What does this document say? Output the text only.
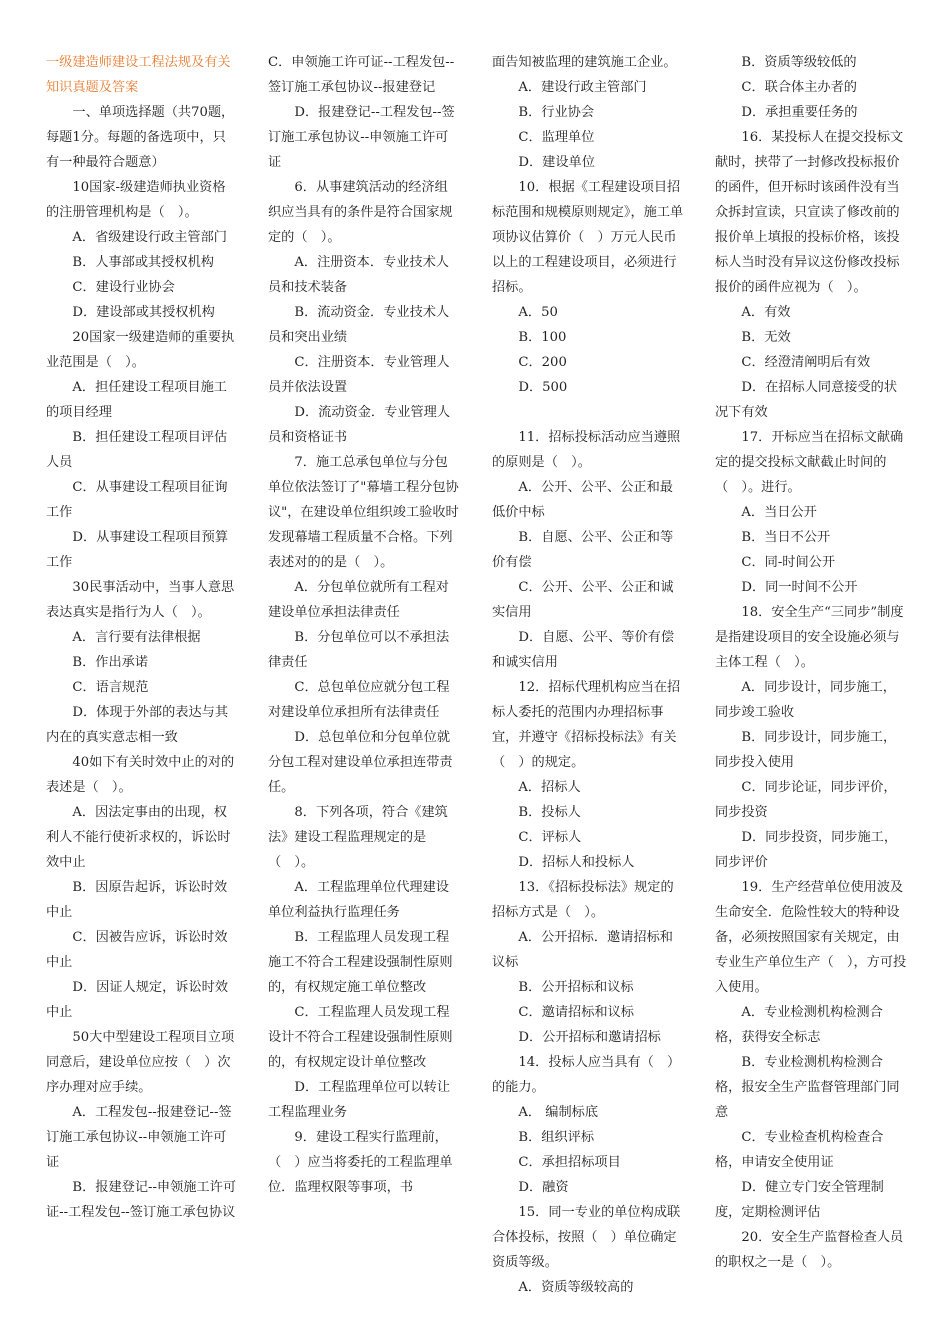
一级建造师建设工程法规及有关知识真题及答案

一、单项选择题（共70题，每题1分。每题的备选项中，只有一种最符合题意）

10国家-级建造师执业资格的注册管理机构是（　）。

A．省级建设行政主管部门

B．人事部或其授权机构

C．建设行业协会

D．建设部或其授权机构

20国家一级建造师的重要执业范围是（　）。

A．担任建设工程项目施工的项目经理

B．担任建设工程项目评估人员

C．从事建设工程项目征询工作

D．从事建设工程项目预算工作

30民事活动中，当事人意思表达真实是指行为人（　）。

A．言行要有法律根据

B．作出承诺

C．语言规范

D．体现于外部的表达与其内在的真实意志相一致

40如下有关时效中止的对的表述是（　）。

A．因法定事由的出现，权利人不能行使祈求权的，诉讼时效中止

B．因原告起诉，诉讼时效中止

C．因被告应诉，诉讼时效中止

D．因证人规定，诉讼时效中止

50大中型建设工程项目立项同意后，建设单位应按（　）次序办理对应手续。

A．工程发包--报建登记--签订施工承包协议--申领施工许可证

B．报建登记--申领施工许可证--工程发包--签订施工承包协议

C．申领施工许可证--工程发包--签订施工承包协议--报建登记

D．报建登记--工程发包--签订施工承包协议--申领施工许可证

6．从事建筑活动的经济组织应当具有的条件是符合国家规定的（　）。

A．注册资本．专业技术人员和技术装备

B．流动资金．专业技术人员和突出业绩

C．注册资本．专业管理人员并依法设置

D．流动资金．专业管理人员和资格证书

7．施工总承包单位与分包单位依法签订了"幕墙工程分包协议"，在建设单位组织竣工验收时发现幕墙工程质量不合格。下列表述对的的是（　）。

A．分包单位就所有工程对建设单位承担法律责任

B．分包单位可以不承担法律责任

C．总包单位应就分包工程对建设单位承担所有法律责任

D．总包单位和分包单位就分包工程对建设单位承担连带责任。

8．下列各项，符合《建筑法》建设工程监理规定的是（　）。

A．工程监理单位代理建设单位利益执行监理任务

B．工程监理人员发现工程施工不符合工程建设强制性原则的，有权规定施工单位整改

C．工程监理人员发现工程设计不符合工程建设强制性原则的，有权规定设计单位整改

D．工程监理单位可以转让工程监理业务

9．建设工程实行监理前，（　）应当将委托的工程监理单位．监理权限等事项，书

面告知被监理的建筑施工企业。

A．建设行政主管部门

B．行业协会

C．监理单位

D．建设单位

10．根据《工程建设项目招标范围和规模原则规定》，施工单项协议估算价（　）万元人民币以上的工程建设项目，必须进行招标。

A．50

B．100

C．200

D．500

11．招标投标活动应当遵照的原则是（　）。

A．公开、公平、公正和最低价中标

B．自愿、公平、公正和等价有偿

C．公开、公平、公正和诚实信用

D．自愿、公平、等价有偿和诚实信用

12．招标代理机构应当在招标人委托的范围内办理招标事宜，并遵守《招标投标法》有关（　）的规定。

A．招标人

B．投标人

C．评标人

D．招标人和投标人

13．《招标投标法》规定的招标方式是（　）。

A．公开招标．邀请招标和议标

B．公开招标和议标

C．邀请招标和议标

D．公开招标和邀请招标

14．投标人应当具有（　）的能力。

A． 编制标底

B．组织评标

C．承担招标项目

D．融资

15．同一专业的单位构成联合体投标，按照（　）单位确定资质等级。

A．资质等级较高的

B．资质等级较低的

C．联合体主办者的

D．承担重要任务的

16．某投标人在提交投标文献时，挟带了一封修改投标报价的函件，但开标时该函件没有当众拆封宣读，只宣读了修改前的报价单上填报的投标价格，该投标人当时没有异议这份修改投标报价的函件应视为（　）。

A．有效

B．无效

C．经澄清阐明后有效

D．在招标人同意接受的状况下有效

17．开标应当在招标文献确定的提交投标文献截止时间的（　）。进行。

A．当日公开

B．当日不公开

C．同-时间公开

D．同一时间不公开

18．安全生产“三同步”制度是指建设项目的安全设施必须与主体工程（　）。

A．同步设计，同步施工，同步竣工验收

B．同步设计，同步施工，同步投入使用

C．同步论证，同步评价，同步投资

D．同步投资，同步施工，同步评价

19．生产经营单位使用波及生命安全．危险性较大的特种设备，必须按照国家有关规定，由专业生产单位生产（　），方可投入使用。

A．专业检测机构检测合格，获得安全标志

B．专业检测机构检测合格，报安全生产监督管理部门同意

C．专业检查机构检查合格，申请安全使用证

D．健立专门安全管理制度，定期检测评估

20．安全生产监督检查人员的职权之一是（　）。
